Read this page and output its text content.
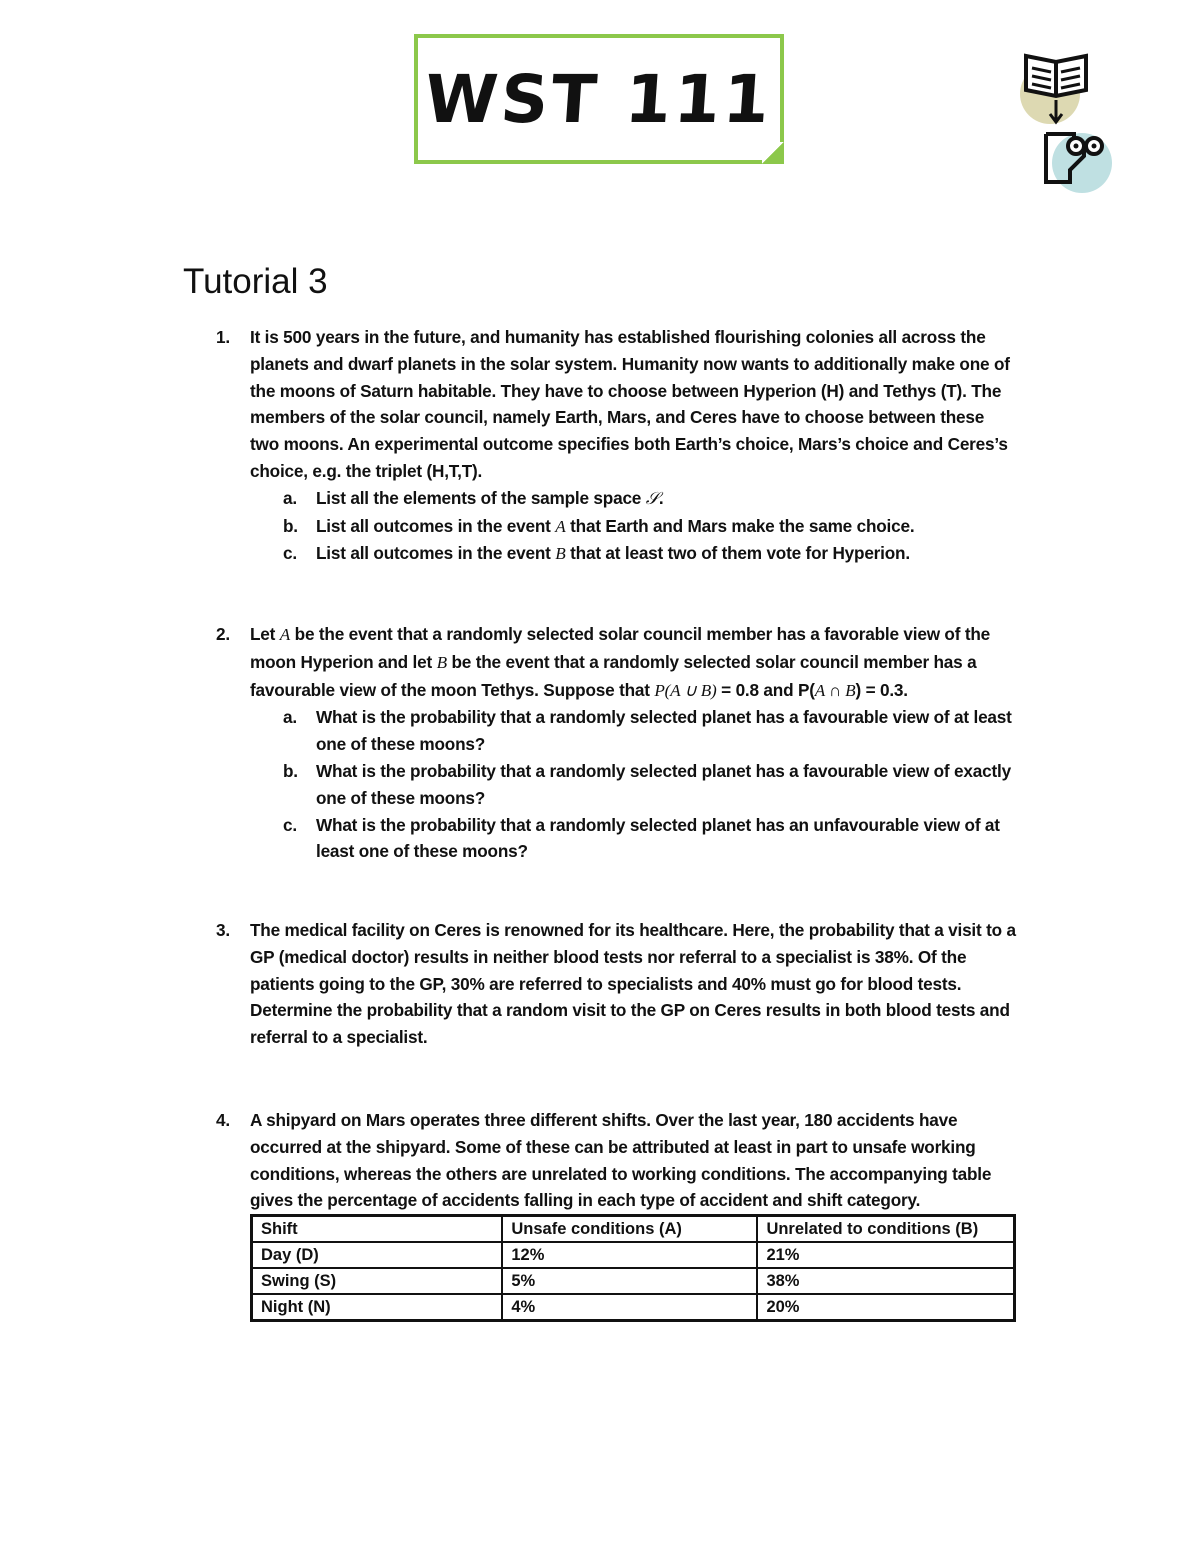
WST 111
Tutorial 3
1.	It is 500 years in the future, and humanity has established flourishing colonies all across the planets and dwarf planets in the solar system. Humanity now wants to additionally make one of the moons of Saturn habitable. They have to choose between Hyperion (H) and Tethys (T). The members of the solar council, namely Earth, Mars, and Ceres have to choose between these two moons. An experimental outcome specifies both Earth’s choice, Mars’s choice and Ceres’s choice, e.g. the triplet (H,T,T).
a. List all the elements of the sample space 𝒮.
b. List all outcomes in the event A that Earth and Mars make the same choice.
c. List all outcomes in the event B that at least two of them vote for Hyperion.
2.	Let A be the event that a randomly selected solar council member has a favorable view of the moon Hyperion and let B be the event that a randomly selected solar council member has a favourable view of the moon Tethys. Suppose that P(A ∪ B) = 0.8 and P(A ∩ B) = 0.3.
a. What is the probability that a randomly selected planet has a favourable view of at least one of these moons?
b. What is the probability that a randomly selected planet has a favourable view of exactly one of these moons?
c. What is the probability that a randomly selected planet has an unfavourable view of at least one of these moons?
3.	The medical facility on Ceres is renowned for its healthcare. Here, the probability that a visit to a GP (medical doctor) results in neither blood tests nor referral to a specialist is 38%. Of the patients going to the GP, 30% are referred to specialists and 40% must go for blood tests. Determine the probability that a random visit to the GP on Ceres results in both blood tests and referral to a specialist.
4.	A shipyard on Mars operates three different shifts. Over the last year, 180 accidents have occurred at the shipyard. Some of these can be attributed at least in part to unsafe working conditions, whereas the others are unrelated to working conditions. The accompanying table gives the percentage of accidents falling in each type of accident and shift category.
Shift	Unsafe conditions (A)	Unrelated to conditions (B)
Day (D)	12%	21%
Swing (S)	5%	38%
Night (N)	4%	20%
